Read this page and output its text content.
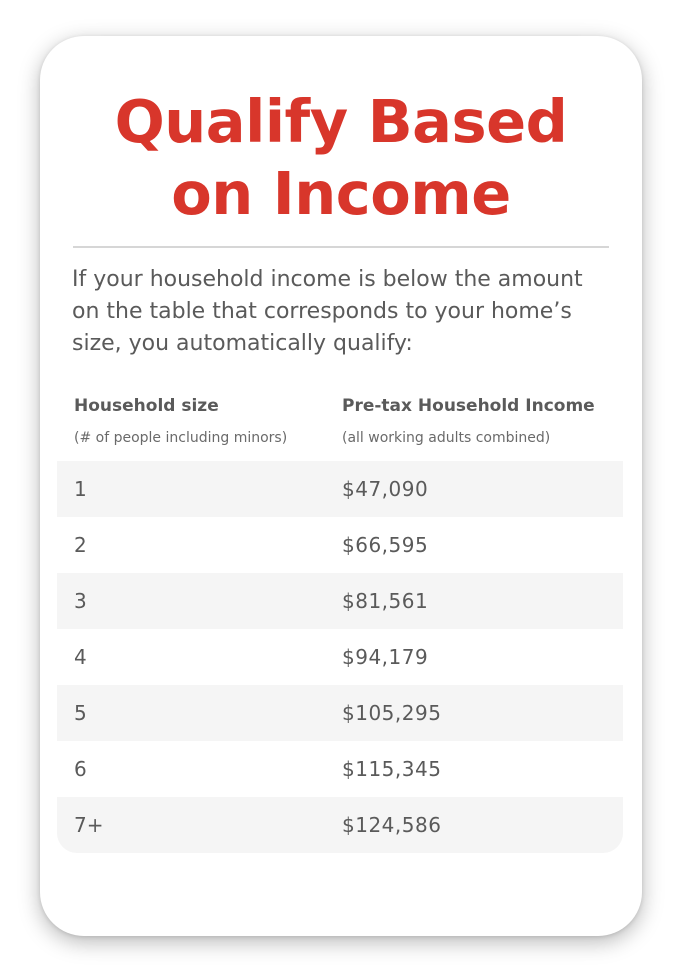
Qualify Based
on Income
If your household income is below the amount on the table that corresponds to your home’s size, you automatically qualify:
Household size	Pre-tax Household Income
(# of people including minors)	(all working adults combined)
1	$47,090
2	$66,595
3	$81,561
4	$94,179
5	$105,295
6	$115,345
7+	$124,586
